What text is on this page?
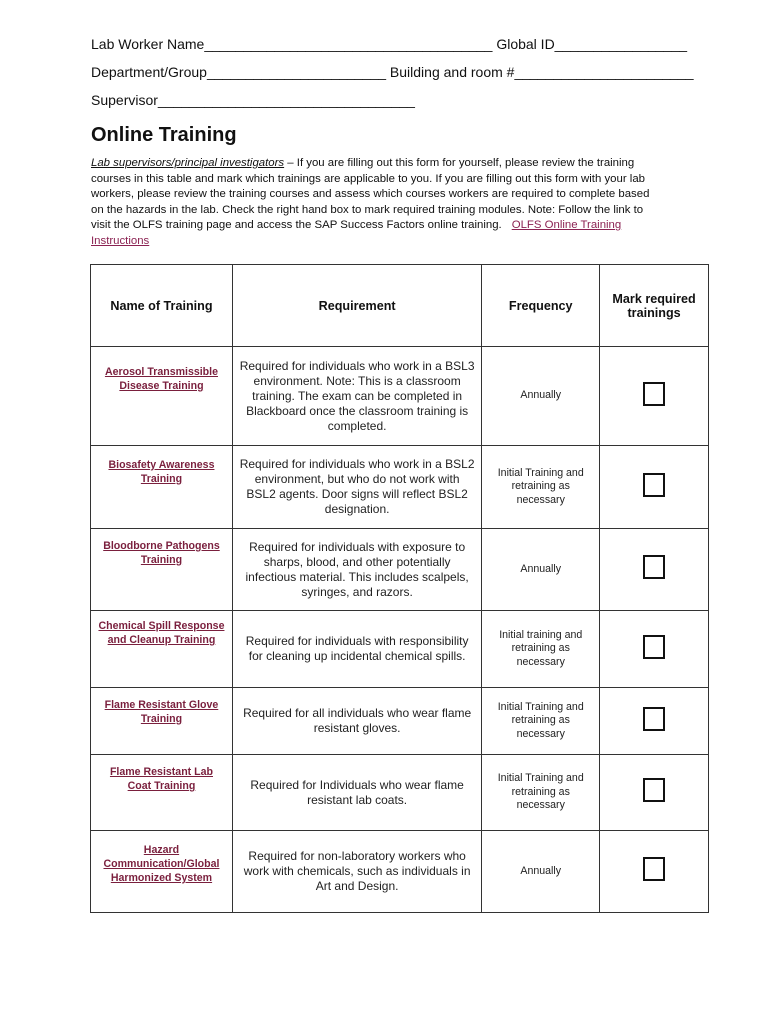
Lab Worker Name_____________________________________ Global ID_________________
Department/Group_______________________ Building and room #_______________________
Supervisor_________________________________
Online Training

Lab supervisors/principal investigators – If you are filling out this form for yourself, please review the training courses in this table and mark which trainings are applicable to you. If you are filling out this form with your lab workers, please review the training courses and assess which courses workers are required to complete based on the hazards in the lab. Check the right hand box to mark required training modules. Note: Follow the link to visit the OLFS training page and access the SAP Success Factors online training. OLFS Online Training Instructions

Name of Training	Requirement	Frequency	Mark required trainings
Aerosol Transmissible Disease Training	Required for individuals who work in a BSL3 environment. Note: This is a classroom training. The exam can be completed in Blackboard once the classroom training is completed.	Annually	
Biosafety Awareness Training	Required for individuals who work in a BSL2 environment, but who do not work with BSL2 agents. Door signs will reflect BSL2 designation.	Initial Training and retraining as necessary	
Bloodborne Pathogens Training	Required for individuals with exposure to sharps, blood, and other potentially infectious material. This includes scalpels, syringes, and razors.	Annually	
Chemical Spill Response and Cleanup Training	Required for individuals with responsibility for cleaning up incidental chemical spills.	Initial training and retraining as necessary	
Flame Resistant Glove Training	Required for all individuals who wear flame resistant gloves.	Initial Training and retraining as necessary	
Flame Resistant Lab Coat Training	Required for Individuals who wear flame resistant lab coats.	Initial Training and retraining as necessary	
Hazard Communication/Global Harmonized System	Required for non-laboratory workers who work with chemicals, such as individuals in Art and Design.	Annually	
